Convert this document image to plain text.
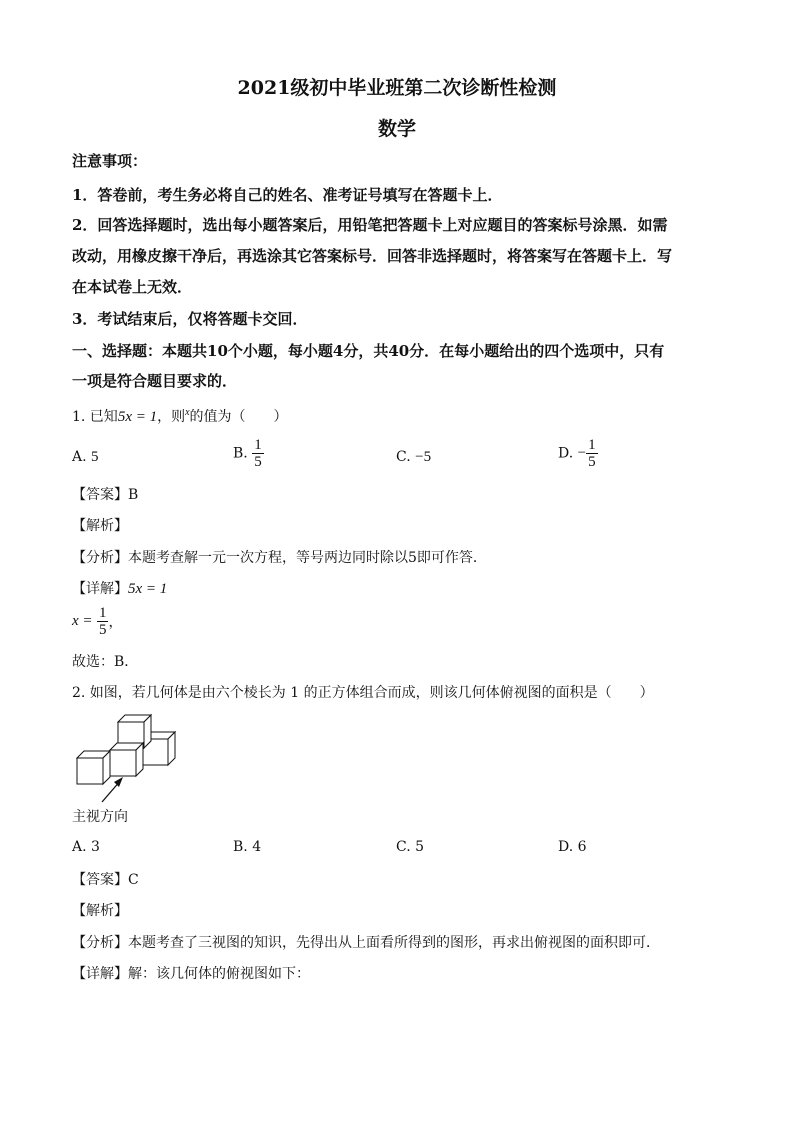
2021级初中毕业班第二次诊断性检测
数学
注意事项：
1．答卷前，考生务必将自己的姓名、准考证号填写在答题卡上．
2．回答选择题时，选出每小题答案后，用铅笔把答题卡上对应题目的答案标号涂黑．如需
改动，用橡皮擦干净后，再选涂其它答案标号．回答非选择题时，将答案写在答题卡上．写
在本试卷上无效．
3．考试结束后，仅将答题卡交回．
一、选择题：本题共10个小题，每小题4分，共40分．在每小题给出的四个选项中，只有
一项是符合题目要求的．
1. 已知5x = 1，则$^x$的值为（　　）
A. 5	B. $\frac{1}{5}$	C. −5	D. − $\frac{1}{5}$
【答案】B
【解析】
【分析】本题考查解一元一次方程，等号两边同时除以5即可作答．
【详解】5x = 1
$x = \frac{1}{5}$ ，
故选：B．
2. 如图，若几何体是由六个棱长为 1 的正方体组合而成，则该几何体俯视图的面积是（　　）
主视方向
A. 3	B. 4	C. 5	D. 6
【答案】C
【解析】
【分析】本题考查了三视图的知识，先得出从上面看所得到的图形，再求出俯视图的面积即可．
【详解】解：该几何体的俯视图如下：
